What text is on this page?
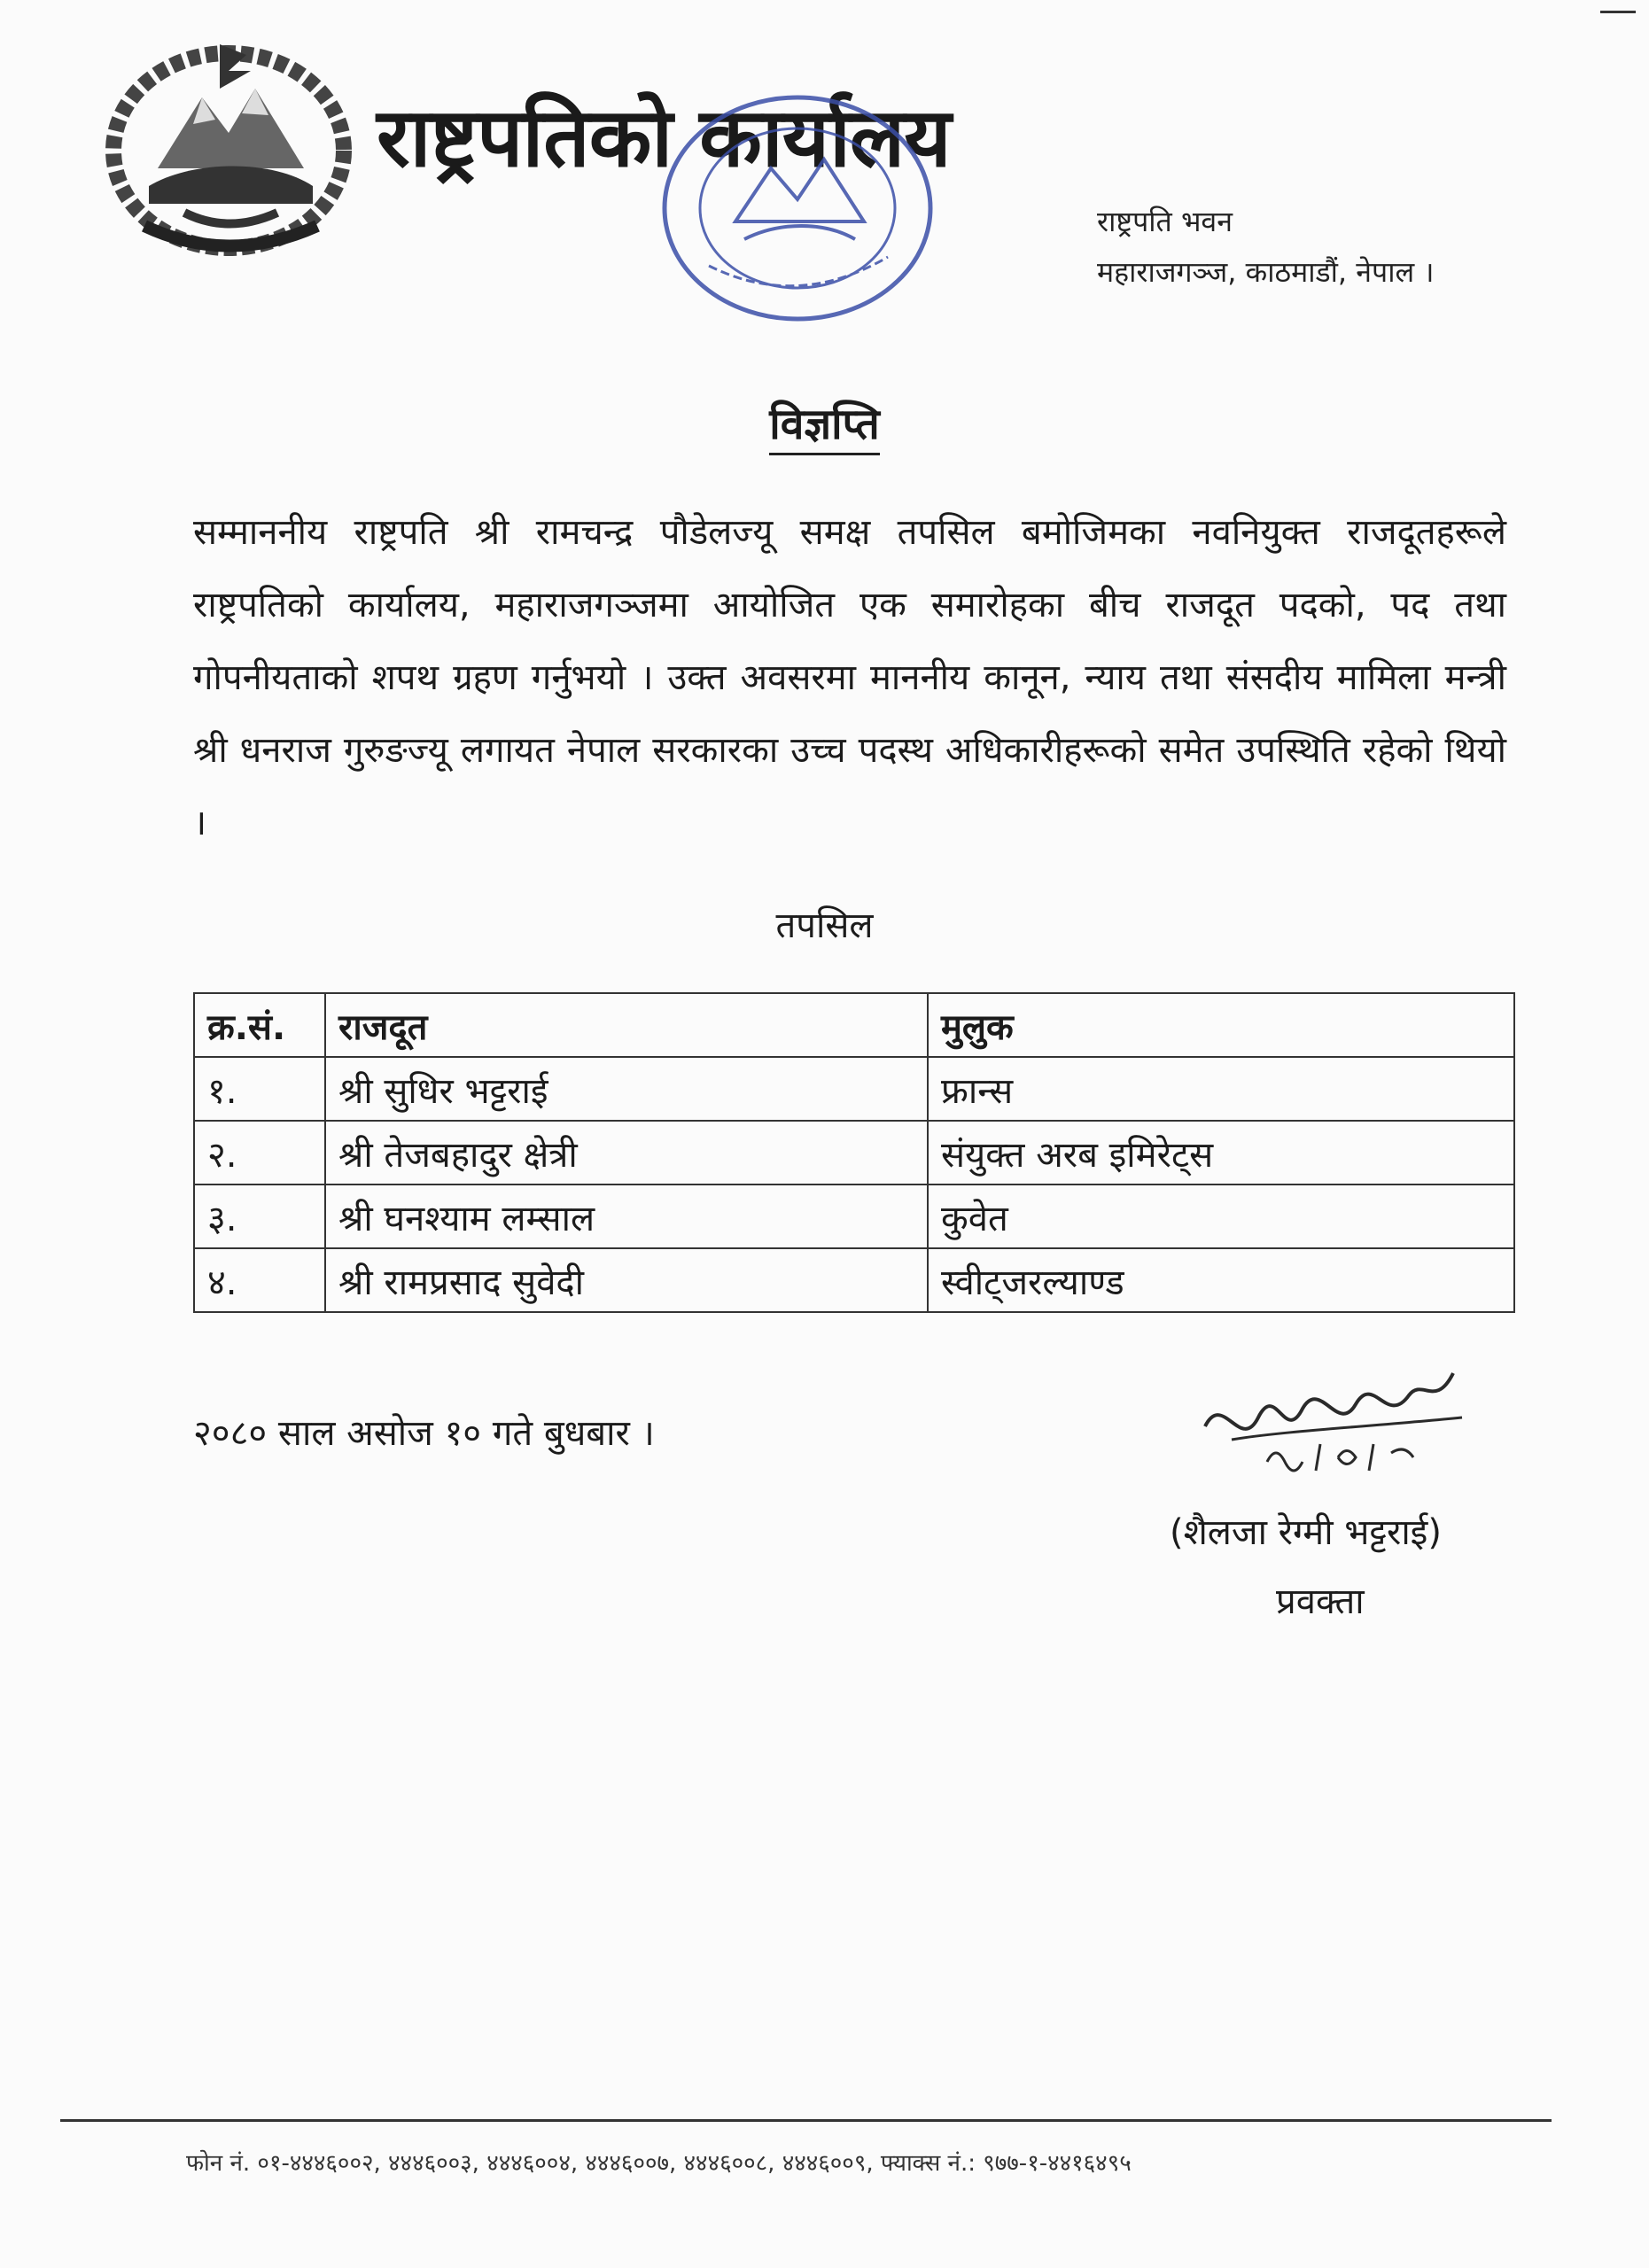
राष्ट्रपतिको कार्यालय
राष्ट्रपति भवन
महाराजगञ्ज, काठमाडौं, नेपाल ।
विज्ञप्ति
सम्माननीय राष्ट्रपति श्री रामचन्द्र पौडेलज्यू समक्ष तपसिल बमोजिमका नवनियुक्त राजदूतहरूले राष्ट्रपतिको कार्यालय, महाराजगञ्जमा आयोजित एक समारोहका बीच राजदूत पदको, पद तथा गोपनीयताको शपथ ग्रहण गर्नुभयो । उक्त अवसरमा माननीय कानून, न्याय तथा संसदीय मामिला मन्त्री श्री धनराज गुरुङज्यू लगायत नेपाल सरकारका उच्च पदस्थ अधिकारीहरूको समेत उपस्थिति रहेको थियो ।
तपसिल
क्र.सं.	राजदूत	मुलुक
१.	श्री सुधिर भट्टराई	फ्रान्स
२.	श्री तेजबहादुर क्षेत्री	संयुक्त अरब इमिरेट्स
३.	श्री घनश्याम लम्साल	कुवेत
४.	श्री रामप्रसाद सुवेदी	स्वीट्जरल्याण्ड
२०८० साल असोज १० गते बुधबार ।
(शैलजा रेग्मी भट्टराई)
प्रवक्ता
फोन नं. ०१-४४४६००२, ४४४६००३, ४४४६००४, ४४४६००७, ४४४६००८, ४४४६००९, फ्याक्स नं.: ९७७-१-४४१६४९५
